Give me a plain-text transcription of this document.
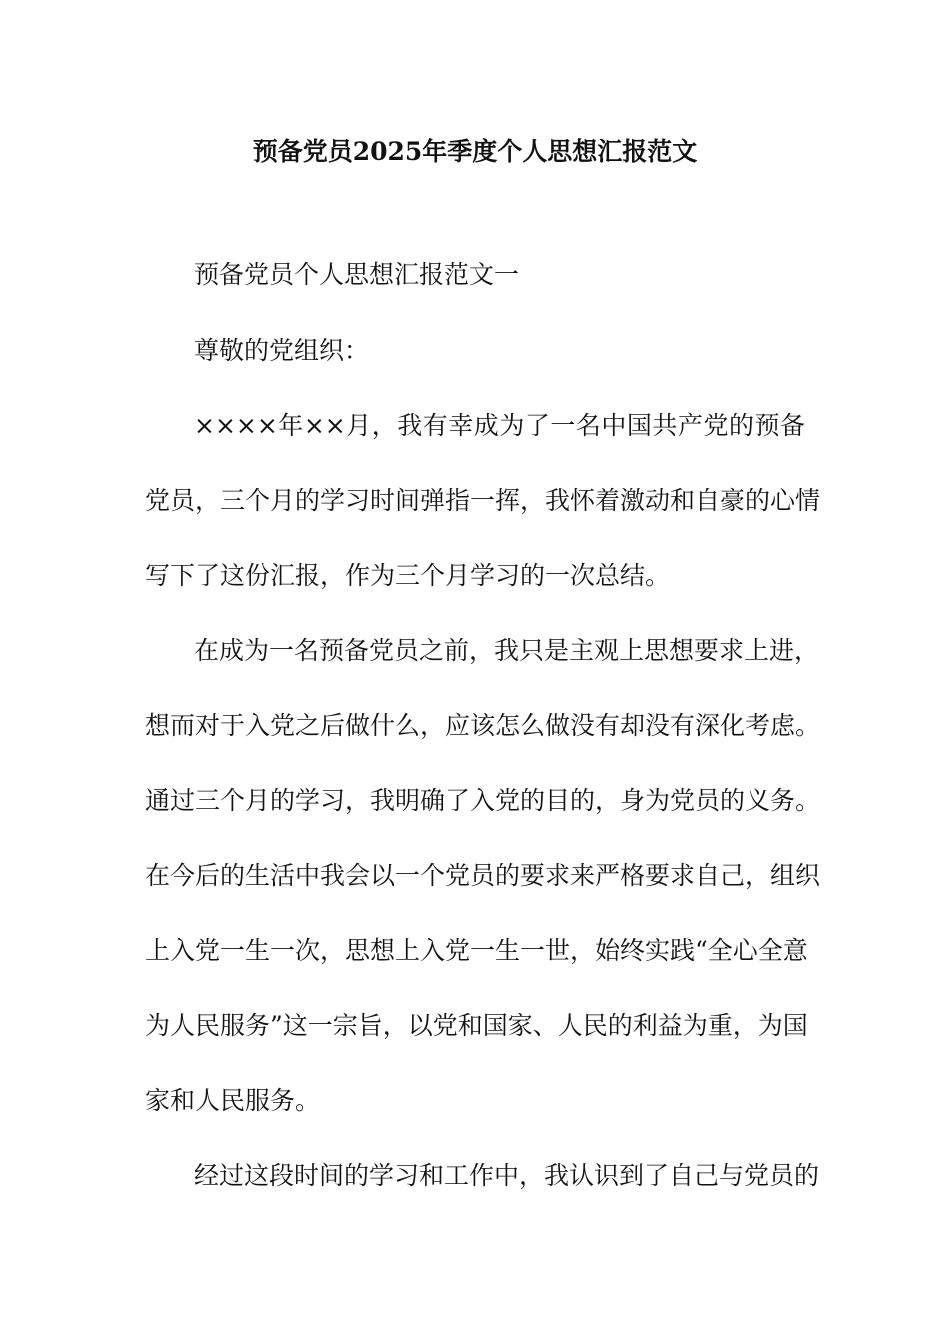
预备党员2025年季度个人思想汇报范文
预备党员个人思想汇报范文一
尊敬的党组织：
××××年××月，我有幸成为了一名中国共产党的预备
党员，三个月的学习时间弹指一挥，我怀着激动和自豪的心情
写下了这份汇报，作为三个月学习的一次总结。
在成为一名预备党员之前，我只是主观上思想要求上进，
想而对于入党之后做什么，应该怎么做没有却没有深化考虑。
通过三个月的学习，我明确了入党的目的，身为党员的义务。
在今后的生活中我会以一个党员的要求来严格要求自己，组织
上入党一生一次，思想上入党一生一世，始终实践“全心全意
为人民服务”这一宗旨，以党和国家、人民的利益为重，为国
家和人民服务。
经过这段时间的学习和工作中，我认识到了自己与党员的
